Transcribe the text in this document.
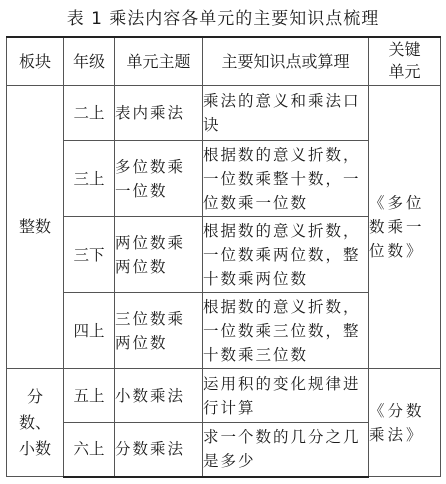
表 1 乘法内容各单元的主要知识点梳理
板块	年级	单元主题	主要知识点或算理	关键单元
整数	二上	表内乘法	乘法的意义和乘法口诀	《多位数乘一位数》
	三上	多位数乘一位数	根据数的意义折数，一位数乘整十数，一位数乘一位数	
	三下	两位数乘两位数	根据数的意义折数，一位数乘两位数，整十数乘两位数	
	四上	三位数乘两位数	根据数的意义折数，一位数乘三位数，整十数乘三位数	
分数、小数	五上	小数乘法	运用积的变化规律进行计算	《分数乘法》
	六上	分数乘法	求一个数的几分之几是多少	
